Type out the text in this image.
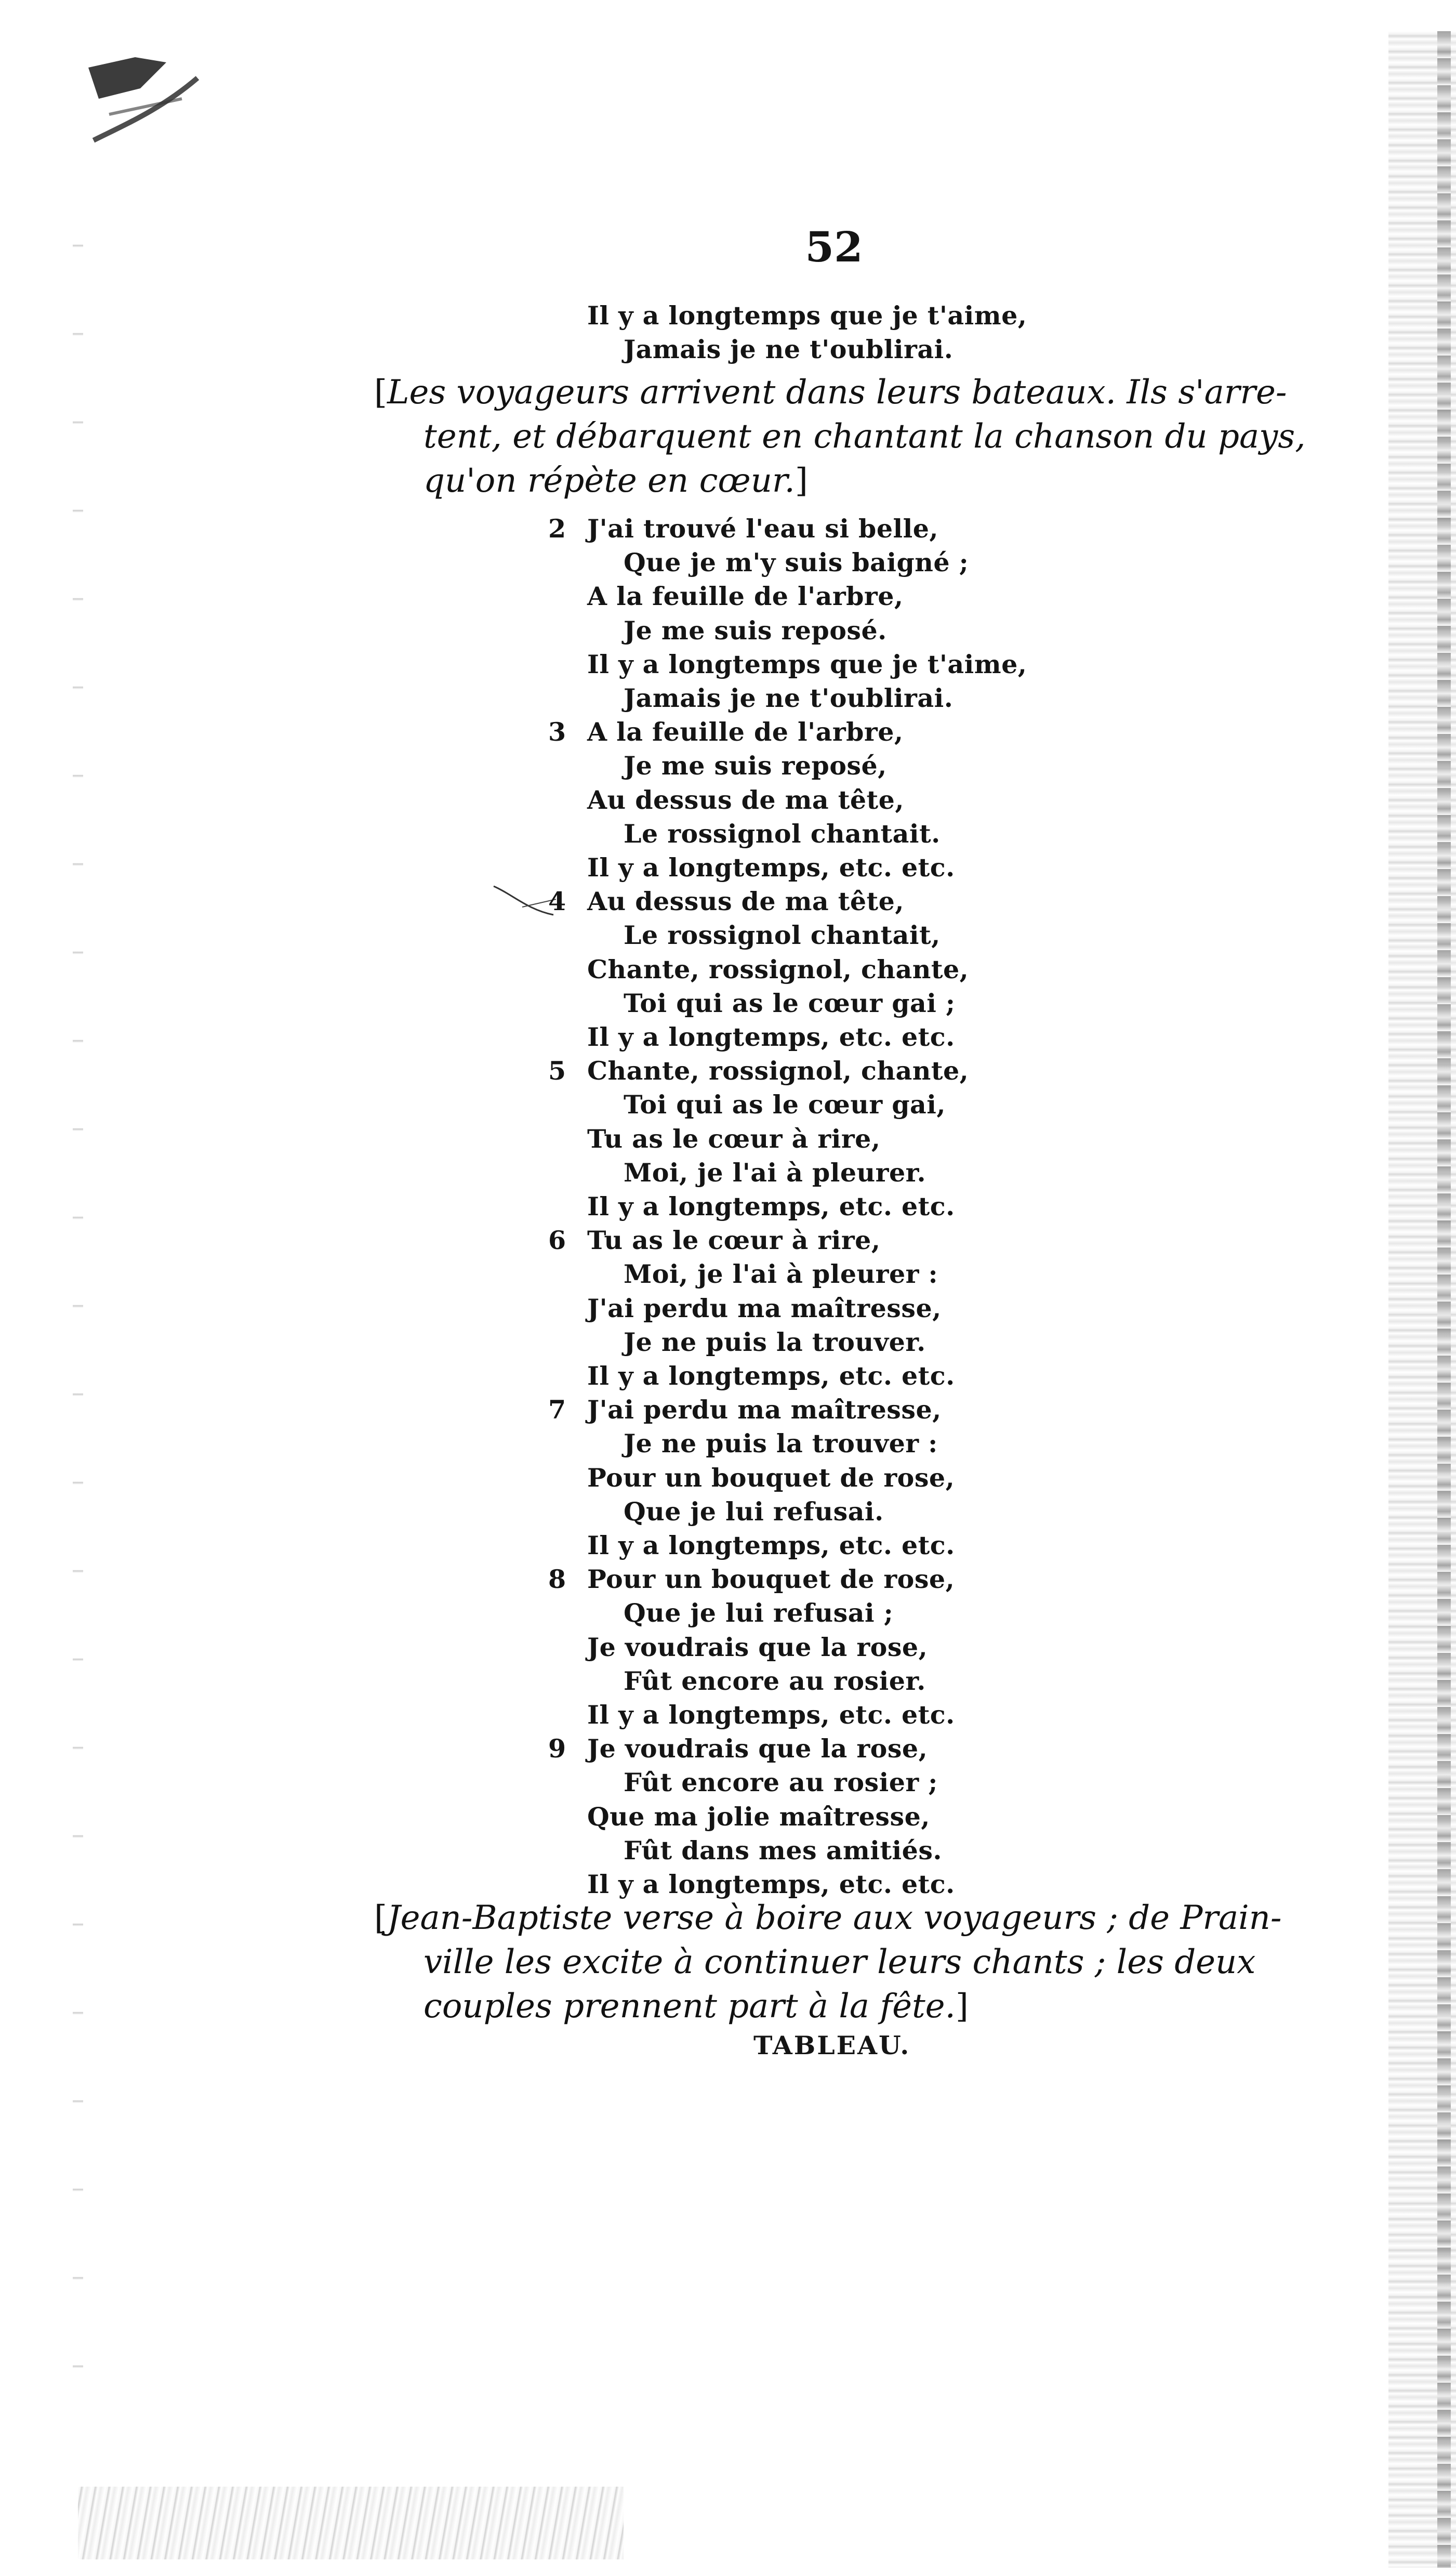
52
Il y a longtemps que je t'aime,
Jamais je ne t'oublirai.
[Les voyageurs arrivent dans leurs bateaux. Ils s'arre-
tent, et débarquent en chantant la chanson du pays,
qu'on répète en cœur.]
2 J'ai trouvé l'eau si belle,
Que je m'y suis baigné ;
A la feuille de l'arbre,
Je me suis reposé.
Il y a longtemps que je t'aime,
Jamais je ne t'oublirai.
3 A la feuille de l'arbre,
Je me suis reposé,
Au dessus de ma tête,
Le rossignol chantait.
Il y a longtemps, etc. etc.
4 Au dessus de ma tête,
Le rossignol chantait,
Chante, rossignol, chante,
Toi qui as le cœur gai ;
Il y a longtemps, etc. etc.
5 Chante, rossignol, chante,
Toi qui as le cœur gai,
Tu as le cœur à rire,
Moi, je l'ai à pleurer.
Il y a longtemps, etc. etc.
6 Tu as le cœur à rire,
Moi, je l'ai à pleurer :
J'ai perdu ma maîtresse,
Je ne puis la trouver.
Il y a longtemps, etc. etc.
7 J'ai perdu ma maîtresse,
Je ne puis la trouver :
Pour un bouquet de rose,
Que je lui refusai.
Il y a longtemps, etc. etc.
8 Pour un bouquet de rose,
Que je lui refusai ;
Je voudrais que la rose,
Fût encore au rosier.
Il y a longtemps, etc. etc.
9 Je voudrais que la rose,
Fût encore au rosier ;
Que ma jolie maîtresse,
Fût dans mes amitiés.
Il y a longtemps, etc. etc.
[Jean-Baptiste verse à boire aux voyageurs ; de Prain-
ville les excite à continuer leurs chants ; les deux
couples prennent part à la fête.]
TABLEAU.
